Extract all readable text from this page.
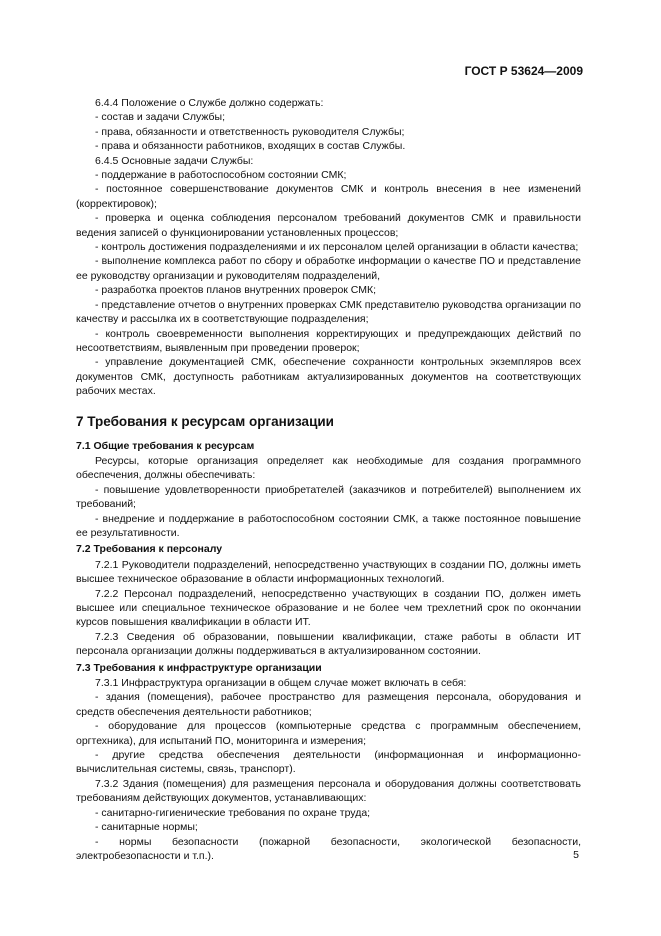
ГОСТ Р 53624—2009

6.4.4 Положение о Службе должно содержать:

- состав и задачи Службы;

- права, обязанности и ответственность руководителя Службы;

- права и обязанности работников, входящих в состав Службы.

6.4.5 Основные задачи Службы:

- поддержание в работоспособном состоянии СМК;

- постоянное совершенствование документов СМК и контроль внесения в нее изменений (корректировок);

- проверка и оценка соблюдения персоналом требований документов СМК и правильности ведения записей о функционировании установленных процессов;

- контроль достижения подразделениями и их персоналом целей организации в области качества;

- выполнение комплекса работ по сбору и обработке информации о качестве ПО и представление ее руководству организации и руководителям подразделений,

- разработка проектов планов внутренних проверок СМК;

- представление отчетов о внутренних проверках СМК представителю руководства организации по качеству и рассылка их в соответствующие подразделения;

- контроль своевременности выполнения корректирующих и предупреждающих действий по несоответствиям, выявленным при проведении проверок;

- управление документацией СМК, обеспечение сохранности контрольных экземпляров всех документов СМК, доступность работникам актуализированных документов на соответствующих рабочих местах.

7 Требования к ресурсам организации

7.1 Общие требования к ресурсам

Ресурсы, которые организация определяет как необходимые для создания программного обеспечения, должны обеспечивать:

- повышение удовлетворенности приобретателей (заказчиков и потребителей) выполнением их требований;

- внедрение и поддержание в работоспособном состоянии СМК, а также постоянное повышение ее результативности.

7.2 Требования к персоналу

7.2.1 Руководители подразделений, непосредственно участвующих в создании ПО, должны иметь высшее техническое образование в области информационных технологий.

7.2.2 Персонал подразделений, непосредственно участвующих в создании ПО, должен иметь высшее или специальное техническое образование и не более чем трехлетний срок по окончании курсов повышения квалификации в области ИТ.

7.2.3 Сведения об образовании, повышении квалификации, стаже работы в области ИТ персонала организации должны поддерживаться в актуализированном состоянии.

7.3 Требования к инфраструктуре организации

7.3.1 Инфраструктура организации в общем случае может включать в себя:

- здания (помещения), рабочее пространство для размещения персонала, оборудования и средств обеспечения деятельности работников;

- оборудование для процессов (компьютерные средства с программным обеспечением, оргтехника), для испытаний ПО, мониторинга и измерения;

- другие средства обеспечения деятельности (информационная и информационно-вычислительная системы, связь, транспорт).

7.3.2 Здания (помещения) для размещения персонала и оборудования должны соответствовать требованиям действующих документов, устанавливающих:

- санитарно-гигиенические требования по охране труда;

- санитарные нормы;

- нормы безопасности (пожарной безопасности, экологической безопасности, электробезопасности и т.п.).	5
